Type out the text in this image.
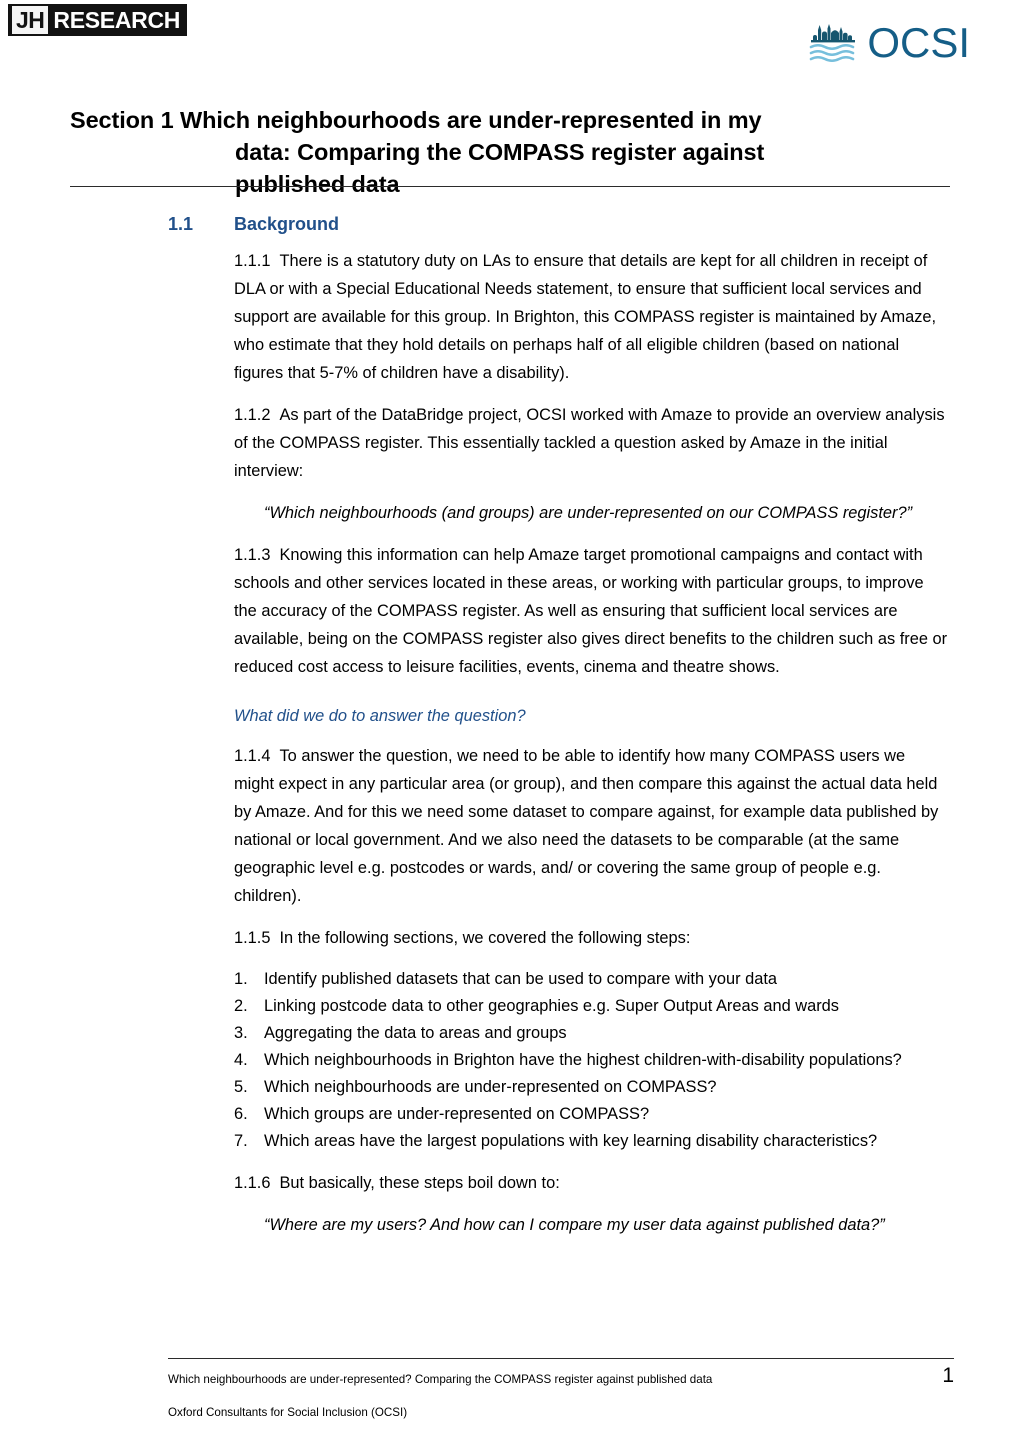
JH RESEARCH	OCSI
Section 1 Which neighbourhoods are under-represented in my
data: Comparing the COMPASS register against
published data
1.1	Background

1.1.1 There is a statutory duty on LAs to ensure that details are kept for all children in receipt of DLA or with a Special Educational Needs statement, to ensure that sufficient local services and support are available for this group. In Brighton, this COMPASS register is maintained by Amaze, who estimate that they hold details on perhaps half of all eligible children (based on national figures that 5-7% of children have a disability).

1.1.2 As part of the DataBridge project, OCSI worked with Amaze to provide an overview analysis of the COMPASS register. This essentially tackled a question asked by Amaze in the initial interview:

“Which neighbourhoods (and groups) are under-represented on our COMPASS register?”

1.1.3 Knowing this information can help Amaze target promotional campaigns and contact with schools and other services located in these areas, or working with particular groups, to improve the accuracy of the COMPASS register. As well as ensuring that sufficient local services are available, being on the COMPASS register also gives direct benefits to the children such as free or reduced cost access to leisure facilities, events, cinema and theatre shows.

What did we do to answer the question?

1.1.4 To answer the question, we need to be able to identify how many COMPASS users we might expect in any particular area (or group), and then compare this against the actual data held by Amaze. And for this we need some dataset to compare against, for example data published by national or local government. And we also need the datasets to be comparable (at the same geographic level e.g. postcodes or wards, and/ or covering the same group of people e.g. children).

1.1.5 In the following sections, we covered the following steps:

1. Identify published datasets that can be used to compare with your data
2. Linking postcode data to other geographies e.g. Super Output Areas and wards
3. Aggregating the data to areas and groups
4. Which neighbourhoods in Brighton have the highest children-with-disability populations?
5. Which neighbourhoods are under-represented on COMPASS?
6. Which groups are under-represented on COMPASS?
7. Which areas have the largest populations with key learning disability characteristics?

1.1.6 But basically, these steps boil down to:

“Where are my users? And how can I compare my user data against published data?”

Which neighbourhoods are under-represented? Comparing the COMPASS register against published data
Oxford Consultants for Social Inclusion (OCSI)
1
